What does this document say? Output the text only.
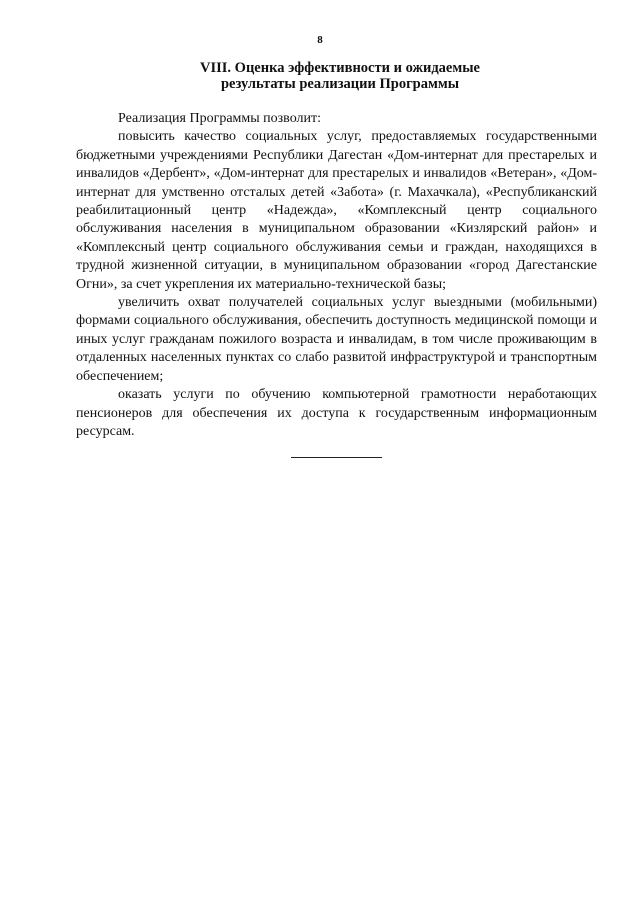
8
VIII. Оценка эффективности и ожидаемые
результаты реализации Программы

Реализация Программы позволит:

повысить качество социальных услуг, предоставляемых государственными бюджетными учреждениями Республики Дагестан «Дом-интернат для престарелых и инвалидов «Дербент», «Дом-интернат для престарелых и инвалидов «Ветеран», «Дом-интернат для умственно отсталых детей «Забота» (г. Махачкала), «Республиканский реабилитационный центр «Надежда», «Комплексный центр социального обслуживания населения в муниципальном образовании «Кизлярский район» и «Комплексный центр социального обслуживания семьи и граждан, находящихся в трудной жизненной ситуации, в муниципальном образовании «город Дагестанские Огни», за счет укрепления их материально-технической базы;

увеличить охват получателей социальных услуг выездными (мобильными) формами социального обслуживания, обеспечить доступность медицинской помощи и иных услуг гражданам пожилого возраста и инвалидам, в том числе проживающим в отдаленных населенных пунктах со слабо развитой инфраструктурой и транспортным обеспечением;

оказать услуги по обучению компьютерной грамотности неработающих пенсионеров для обеспечения их доступа к государственным информационным ресурсам.
